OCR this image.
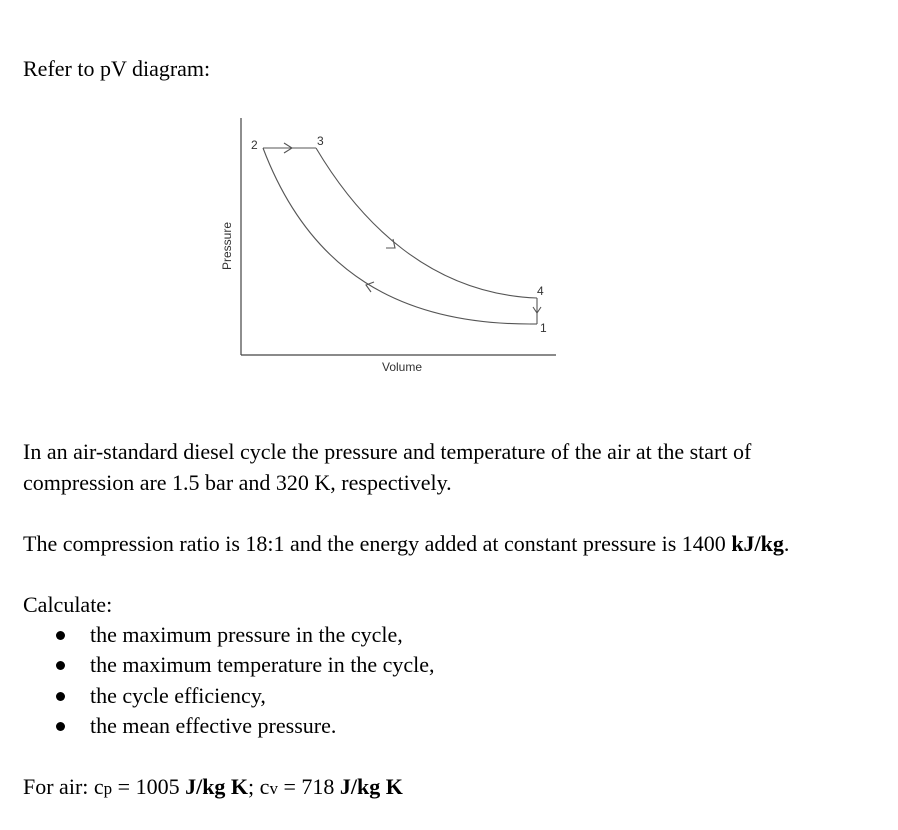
Refer to pV diagram:
Pressure
Volume
2	3
4
1
In an air-standard diesel cycle the pressure and temperature of the air at the start of
compression are 1.5 bar and 320 K, respectively.
The compression ratio is 18:1 and the energy added at constant pressure is 1400 kJ/kg.
Calculate:
the maximum pressure in the cycle,
the maximum temperature in the cycle,
the cycle efficiency,
the mean effective pressure.
For air: cp = 1005 J/kg K; cv = 718 J/kg K
